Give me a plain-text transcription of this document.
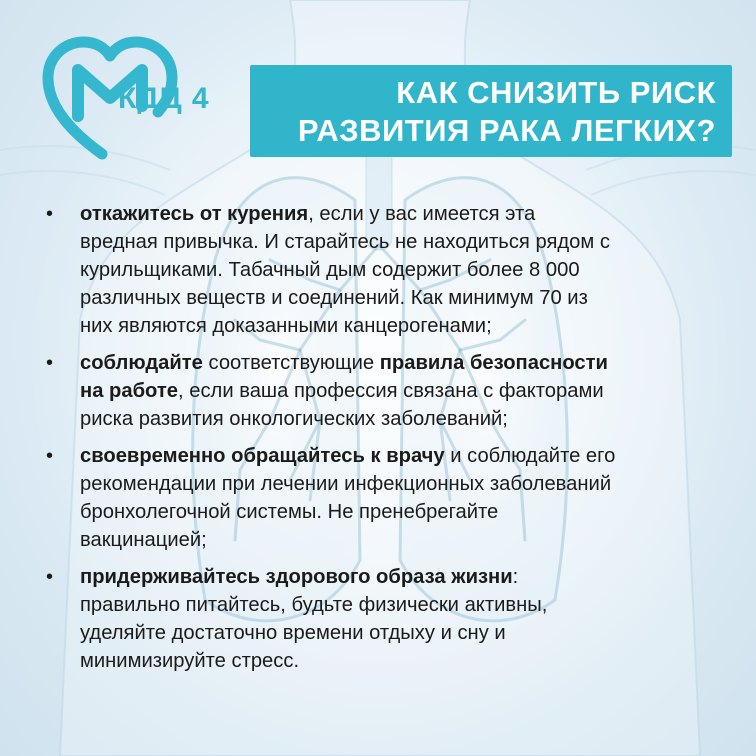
М КДЦ 4	КАК СНИЗИТЬ РИСК
РАЗВИТИЯ РАКА ЛЕГКИХ?
• откажитесь от курения, если у вас имеется эта
вредная привычка. И старайтесь не находиться рядом с
курильщиками. Табачный дым содержит более 8 000
различных веществ и соединений. Как минимум 70 из
них являются доказанными канцерогенами;
• соблюдайте соответствующие правила безопасности
на работе, если ваша профессия связана с факторами
риска развития онкологических заболеваний;
• своевременно обращайтесь к врачу и соблюдайте его
рекомендации при лечении инфекционных заболеваний
бронхолегочной системы. Не пренебрегайте
вакцинацией;
• придерживайтесь здорового образа жизни:
правильно питайтесь, будьте физически активны,
уделяйте достаточно времени отдыху и сну и
минимизируйте стресс.
